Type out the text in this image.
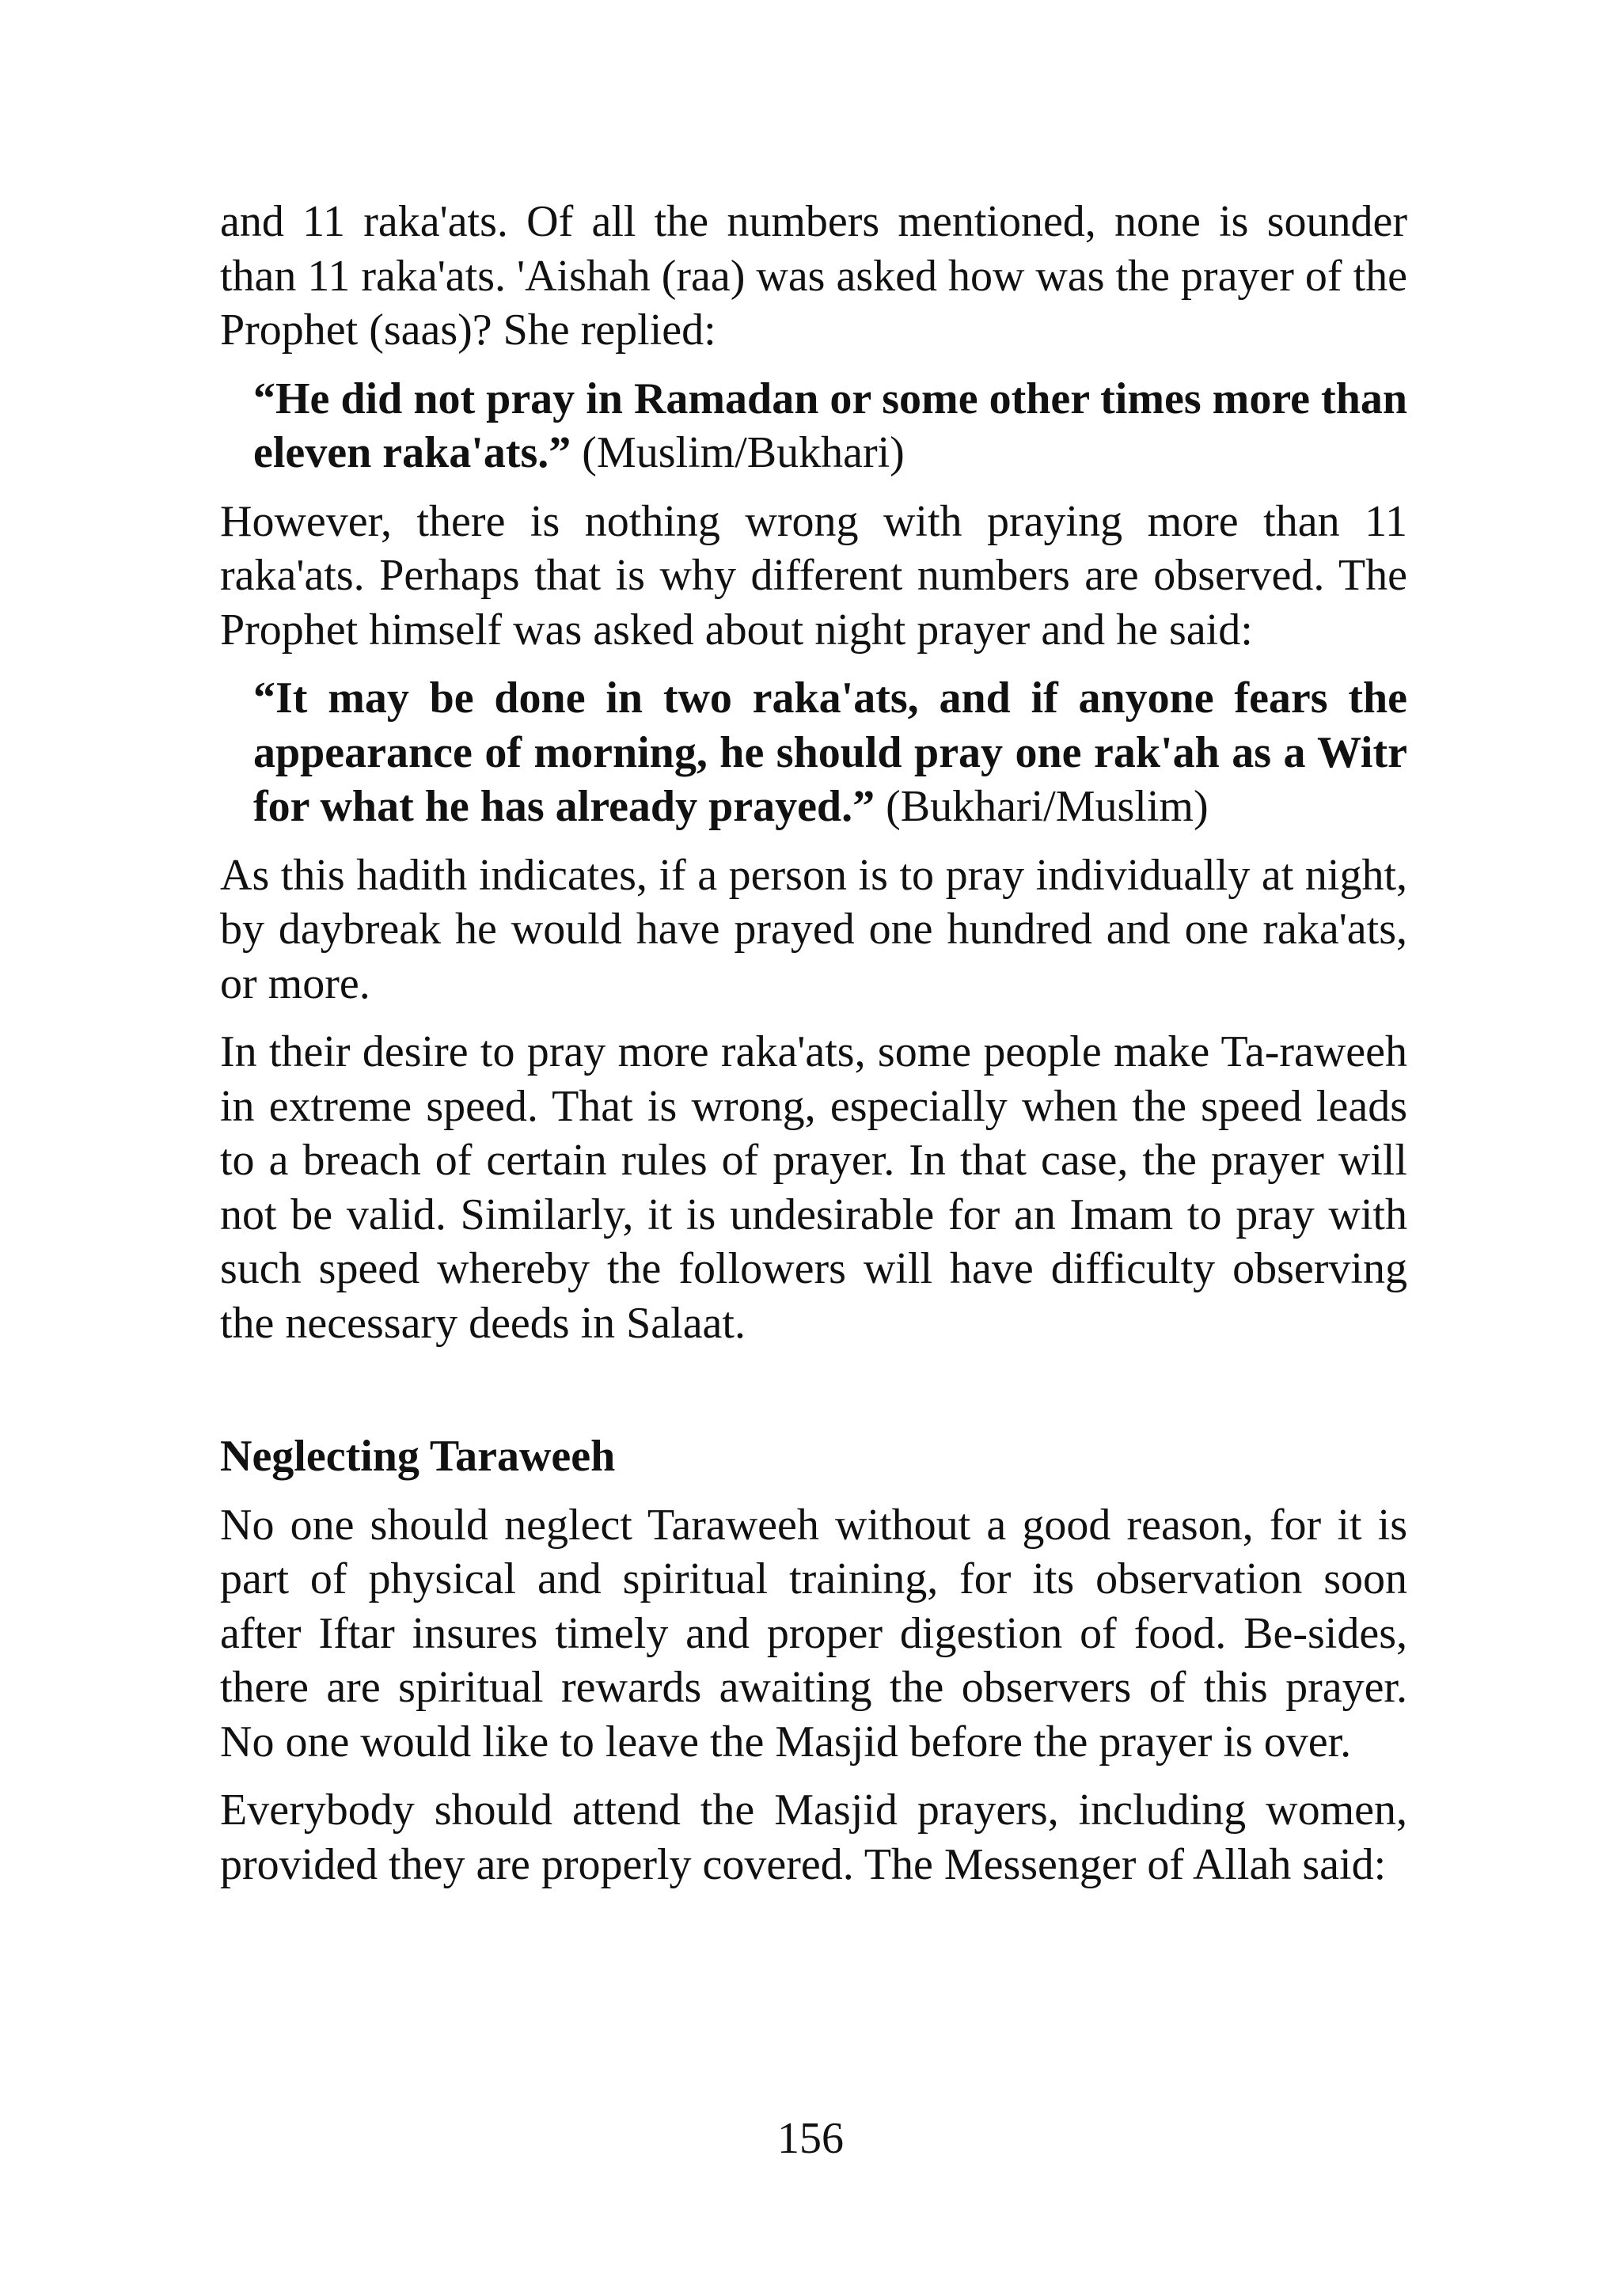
and 11 raka'ats. Of all the numbers mentioned, none is sounder than 11 raka'ats. 'Aishah (raa) was asked how was the prayer of the Prophet (saas)? She replied:

“He did not pray in Ramadan or some other times more than eleven raka'ats.” (Muslim/Bukhari)

However, there is nothing wrong with praying more than 11 raka'ats. Perhaps that is why different numbers are observed. The Prophet himself was asked about night prayer and he said:

“It may be done in two raka'ats, and if anyone fears the appearance of morning, he should pray one rak'ah as a Witr for what he has already prayed.” (Bukhari/Muslim)

As this hadith indicates, if a person is to pray individually at night, by daybreak he would have prayed one hundred and one raka'ats, or more.

In their desire to pray more raka'ats, some people make Ta-raweeh in extreme speed. That is wrong, especially when the speed leads to a breach of certain rules of prayer. In that case, the prayer will not be valid. Similarly, it is undesirable for an Imam to pray with such speed whereby the followers will have difficulty observing the necessary deeds in Salaat.

Neglecting Taraweeh

No one should neglect Taraweeh without a good reason, for it is part of physical and spiritual training, for its observation soon after Iftar insures timely and proper digestion of food. Be-sides, there are spiritual rewards awaiting the observers of this prayer. No one would like to leave the Masjid before the prayer is over.

Everybody should attend the Masjid prayers, including women, provided they are properly covered. The Messenger of Allah said:

156
